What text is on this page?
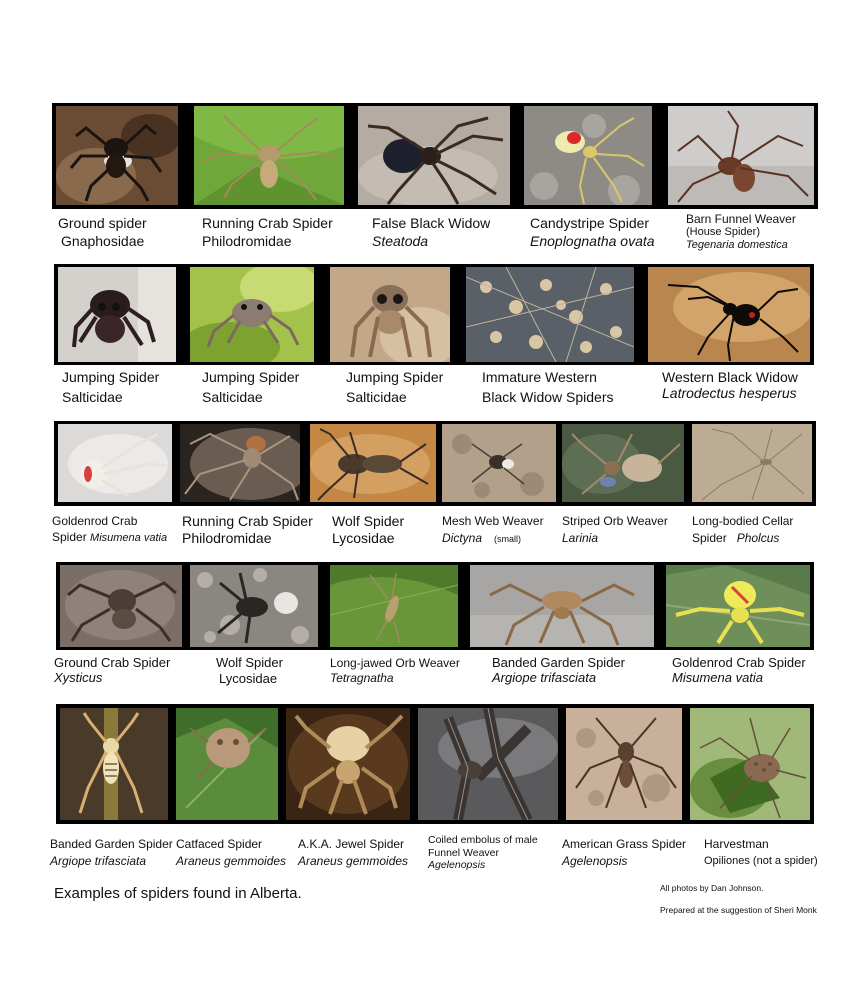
Ground spider
Gnaphosidae
Running Crab Spider
Philodromidae
False Black Widow
Steatoda
Candystripe Spider
Enoplognatha ovata
Barn Funnel Weaver
(House Spider)
Tegenaria domestica
Jumping Spider
Salticidae
Jumping Spider
Salticidae
Jumping Spider
Salticidae
Immature Western
Black Widow Spiders
Western Black Widow
Latrodectus hesperus
Goldenrod Crab
Spider Misumena vatia
Running Crab Spider
Philodromidae
Wolf Spider
Lycosidae
Mesh Web Weaver
Dictyna (small)
Striped Orb Weaver
Larinia
Long-bodied Cellar
Spider Pholcus
Ground Crab Spider
Xysticus
Wolf Spider
Lycosidae
Long-jawed Orb Weaver
Tetragnatha
Banded Garden Spider
Argiope trifasciata
Goldenrod Crab Spider
Misumena vatia
Banded Garden Spider
Argiope trifasciata
Catfaced Spider
Araneus gemmoides
A.K.A. Jewel Spider
Araneus gemmoides
Coiled embolus of male
Funnel Weaver
Agelenopsis
American Grass Spider
Agelenopsis
Harvestman
Opiliones (not a spider)
Examples of spiders found in Alberta.	All photos by Dan Johnson.
Prepared at the suggestion of Sheri Monk
